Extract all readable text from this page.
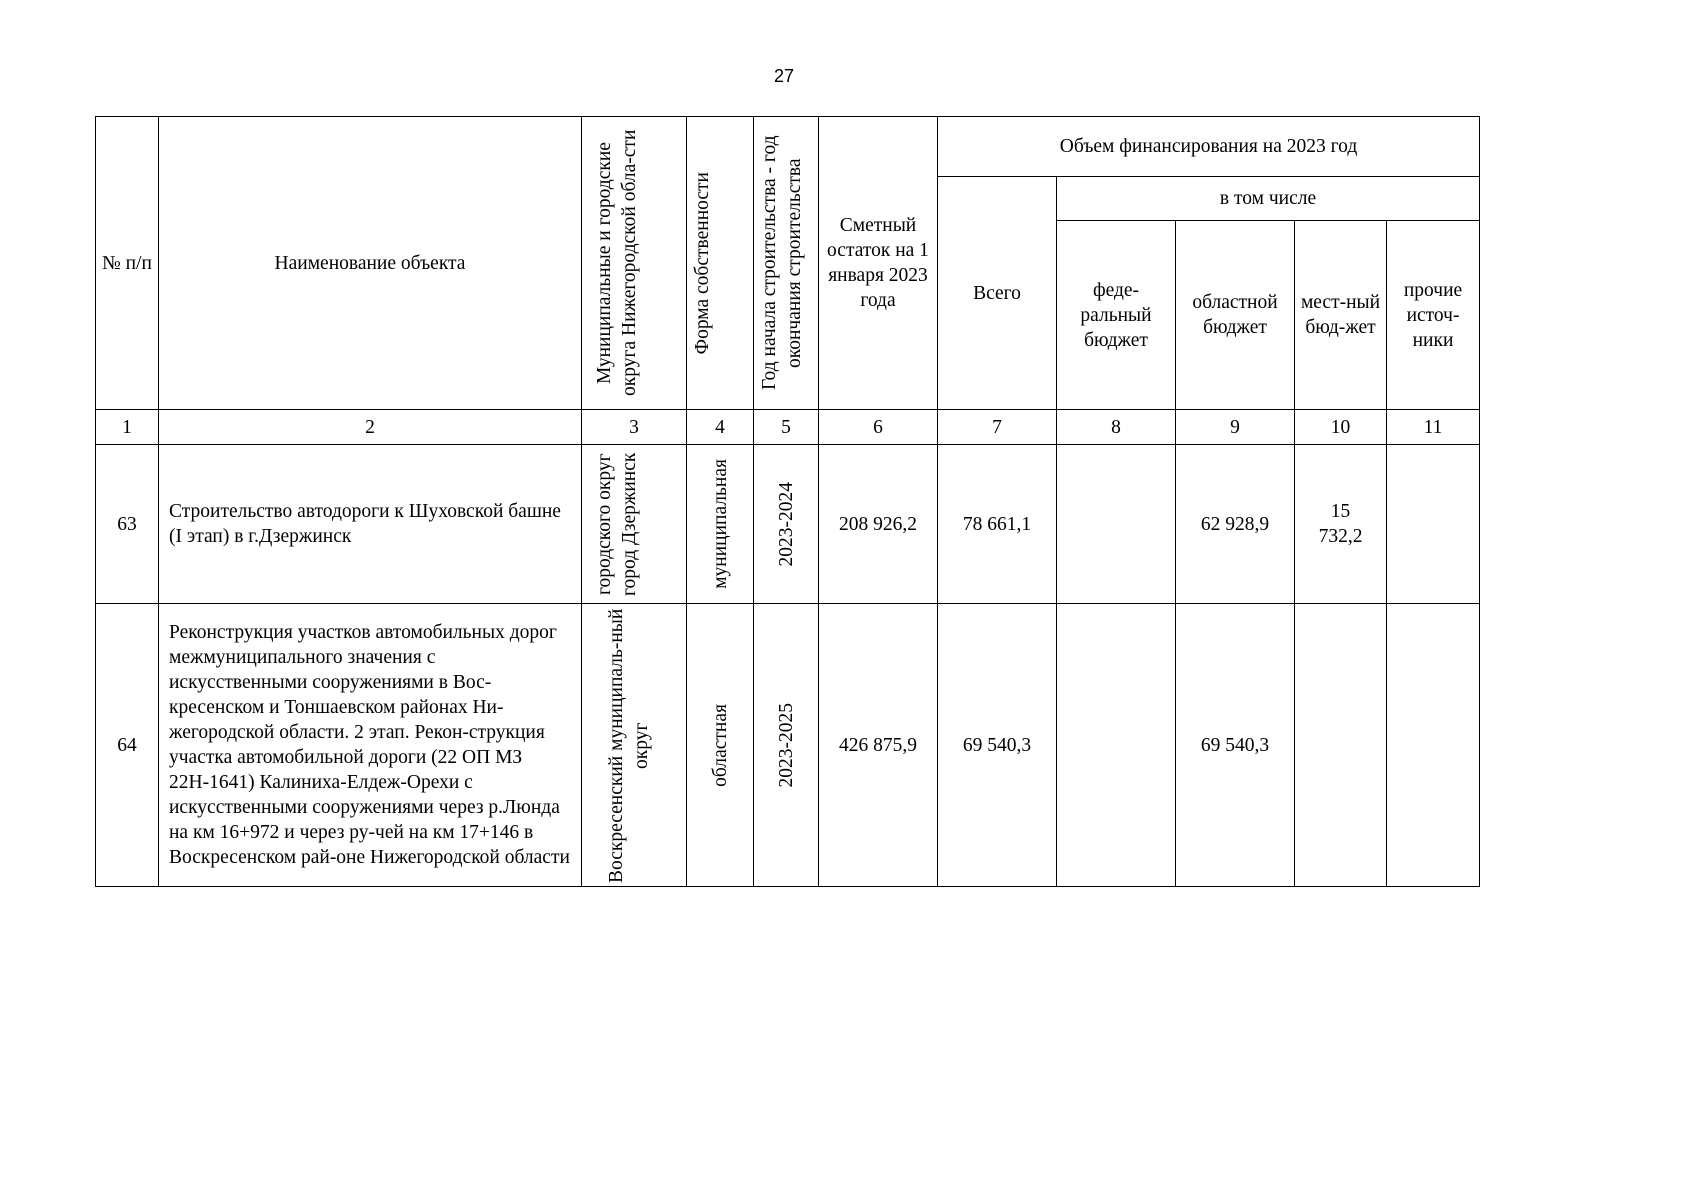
27
№ п/п	Наименование объекта	Муниципальные и городские округа Нижегородской обла-сти	Форма собственности	Год начала строительства - год окончания строительства	Сметный остаток на 1 января 2023 года	Объем финансирования на 2023 год				
						Всего	в том числе			
							феде-ральный бюджет	областной бюджет	мест-ный бюд-жет	прочие источ-ники
1	2	3	4	5	6	7	8	9	10	11
63	Строительство автодороги к Шуховской башне (I этап) в г.Дзержинск	городского округ город Дзержинск	муниципальная	2023-2024	208 926,2	78 661,1		62 928,9	15 732,2	
64	Реконструкция участков автомобильных дорог межмуниципального значения с искусственными сооружениями в Вос-кресенском и Тоншаевском районах Ни-жегородской области. 2 этап. Рекон-струкция участка автомобильной дороги (22 ОП МЗ 22Н-1641) Калиниха-Елдеж-Орехи с искусственными сооружениями через р.Люнда на км 16+972 и через ру-чей на км 17+146 в Воскресенском рай-оне Нижегородской области	Воскресенский муниципаль-ный округ	областная	2023-2025	426 875,9	69 540,3		69 540,3		
